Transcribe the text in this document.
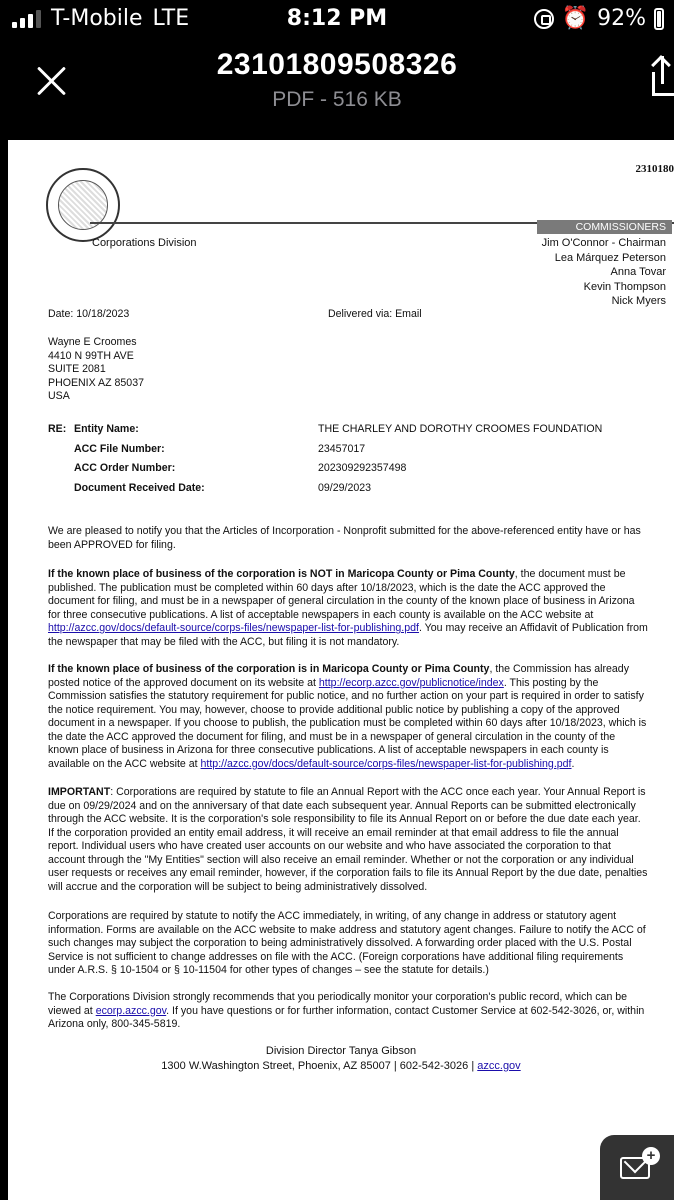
T-Mobile LTE	8:12 PM	⏰ 92%
23101809508326
PDF - 516 KB
2310180
COMMISSIONERS
Corporations Division	Jim O'Connor - Chairman
Lea Márquez Peterson
Anna Tovar
Kevin Thompson
Nick Myers
Date: 10/18/2023	Delivered via: Email
Wayne E Croomes
4410 N 99TH AVE
SUITE 2081
PHOENIX AZ 85037
USA
RE: Entity Name:	THE CHARLEY AND DOROTHY CROOMES FOUNDATION
ACC File Number:	23457017
ACC Order Number:	202309292357498
Document Received Date:	09/29/2023

We are pleased to notify you that the Articles of Incorporation - Nonprofit submitted for the above-referenced entity have or has been APPROVED for filing.

If the known place of business of the corporation is NOT in Maricopa County or Pima County, the document must be published. The publication must be completed within 60 days after 10/18/2023, which is the date the ACC approved the document for filing, and must be in a newspaper of general circulation in the county of the known place of business in Arizona for three consecutive publications. A list of acceptable newspapers in each county is available on the ACC website at http://azcc.gov/docs/default-source/corps-files/newspaper-list-for-publishing.pdf. You may receive an Affidavit of Publication from the newspaper that may be filed with the ACC, but filing it is not mandatory.

If the known place of business of the corporation is in Maricopa County or Pima County, the Commission has already posted notice of the approved document on its website at http://ecorp.azcc.gov/publicnotice/index. This posting by the Commission satisfies the statutory requirement for public notice, and no further action on your part is required in order to satisfy the notice requirement. You may, however, choose to provide additional public notice by publishing a copy of the approved document in a newspaper. If you choose to publish, the publication must be completed within 60 days after 10/18/2023, which is the date the ACC approved the document for filing, and must be in a newspaper of general circulation in the county of the known place of business in Arizona for three consecutive publications. A list of acceptable newspapers in each county is available on the ACC website at http://azcc.gov/docs/default-source/corps-files/newspaper-list-for-publishing.pdf.

IMPORTANT: Corporations are required by statute to file an Annual Report with the ACC once each year. Your Annual Report is due on 09/29/2024 and on the anniversary of that date each subsequent year. Annual Reports can be submitted electronically through the ACC website. It is the corporation's sole responsibility to file its Annual Report on or before the due date each year. If the corporation provided an entity email address, it will receive an email reminder at that email address to file the annual report. Individual users who have created user accounts on our website and who have associated the corporation to that account through the "My Entities" section will also receive an email reminder. Whether or not the corporation or any individual user requests or receives any email reminder, however, if the corporation fails to file its Annual Report by the due date, penalties will accrue and the corporation will be subject to being administratively dissolved.

Corporations are required by statute to notify the ACC immediately, in writing, of any change in address or statutory agent information. Forms are available on the ACC website to make address and statutory agent changes. Failure to notify the ACC of such changes may subject the corporation to being administratively dissolved. A forwarding order placed with the U.S. Postal Service is not sufficient to change addresses on file with the ACC. (Foreign corporations have additional filing requirements under A.R.S. § 10-1504 or § 10-11504 for other types of changes – see the statute for details.)

The Corporations Division strongly recommends that you periodically monitor your corporation's public record, which can be viewed at ecorp.azcc.gov. If you have questions or for further information, contact Customer Service at 602-542-3026, or, within Arizona only, 800-345-5819.

Division Director Tanya Gibson
1300 W.Washington Street, Phoenix, AZ 85007 | 602-542-3026 | azcc.gov
+
